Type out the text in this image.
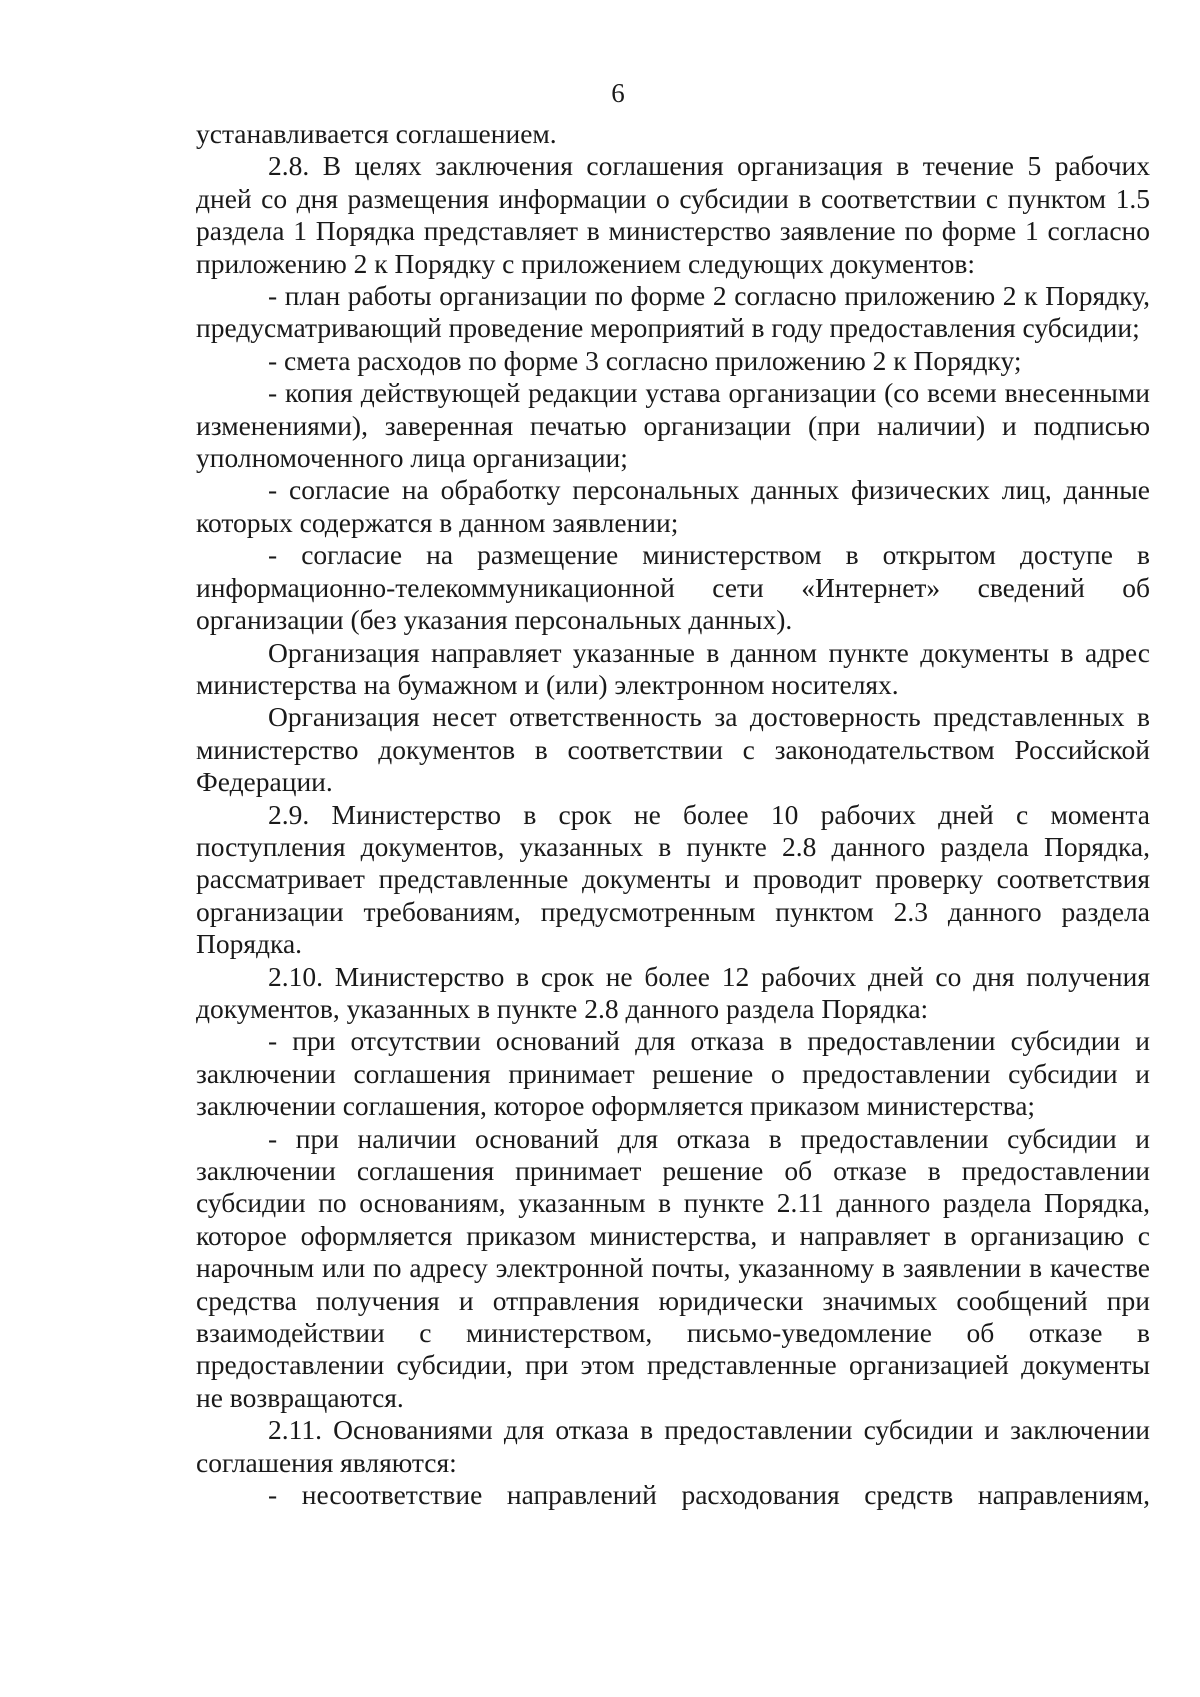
6

устанавливается соглашением.

2.8. В целях заключения соглашения организация в течение 5 рабочих дней со дня размещения информации о субсидии в соответствии с пунктом 1.5 раздела 1 Порядка представляет в министерство заявление по форме 1 согласно приложению 2 к Порядку с приложением следующих документов:

- план работы организации по форме 2 согласно приложению 2 к Порядку, предусматривающий проведение мероприятий в году предоставления субсидии;

- смета расходов по форме 3 согласно приложению 2 к Порядку;

- копия действующей редакции устава организации (со всеми внесенными изменениями), заверенная печатью организации (при наличии) и подписью уполномоченного лица организации;

- согласие на обработку персональных данных физических лиц, данные которых содержатся в данном заявлении;

- согласие на размещение министерством в открытом доступе в информационно-телекоммуникационной сети «Интернет» сведений об организации (без указания персональных данных).

Организация направляет указанные в данном пункте документы в адрес министерства на бумажном и (или) электронном носителях.

Организация несет ответственность за достоверность представленных в министерство документов в соответствии с законодательством Российской Федерации.

2.9. Министерство в срок не более 10 рабочих дней с момента поступления документов, указанных в пункте 2.8 данного раздела Порядка, рассматривает представленные документы и проводит проверку соответствия организации требованиям, предусмотренным пунктом 2.3 данного раздела Порядка.

2.10. Министерство в срок не более 12 рабочих дней со дня получения документов, указанных в пункте 2.8 данного раздела Порядка:

- при отсутствии оснований для отказа в предоставлении субсидии и заключении соглашения принимает решение о предоставлении субсидии и заключении соглашения, которое оформляется приказом министерства;

- при наличии оснований для отказа в предоставлении субсидии и заключении соглашения принимает решение об отказе в предоставлении субсидии по основаниям, указанным в пункте 2.11 данного раздела Порядка, которое оформляется приказом министерства, и направляет в организацию с нарочным или по адресу электронной почты, указанному в заявлении в качестве средства получения и отправления юридически значимых сообщений при взаимодействии с министерством, письмо-уведомление об отказе в предоставлении субсидии, при этом представленные организацией документы не возвращаются.

2.11. Основаниями для отказа в предоставлении субсидии и заключении соглашения являются:

- несоответствие направлений расходования средств направлениям,
